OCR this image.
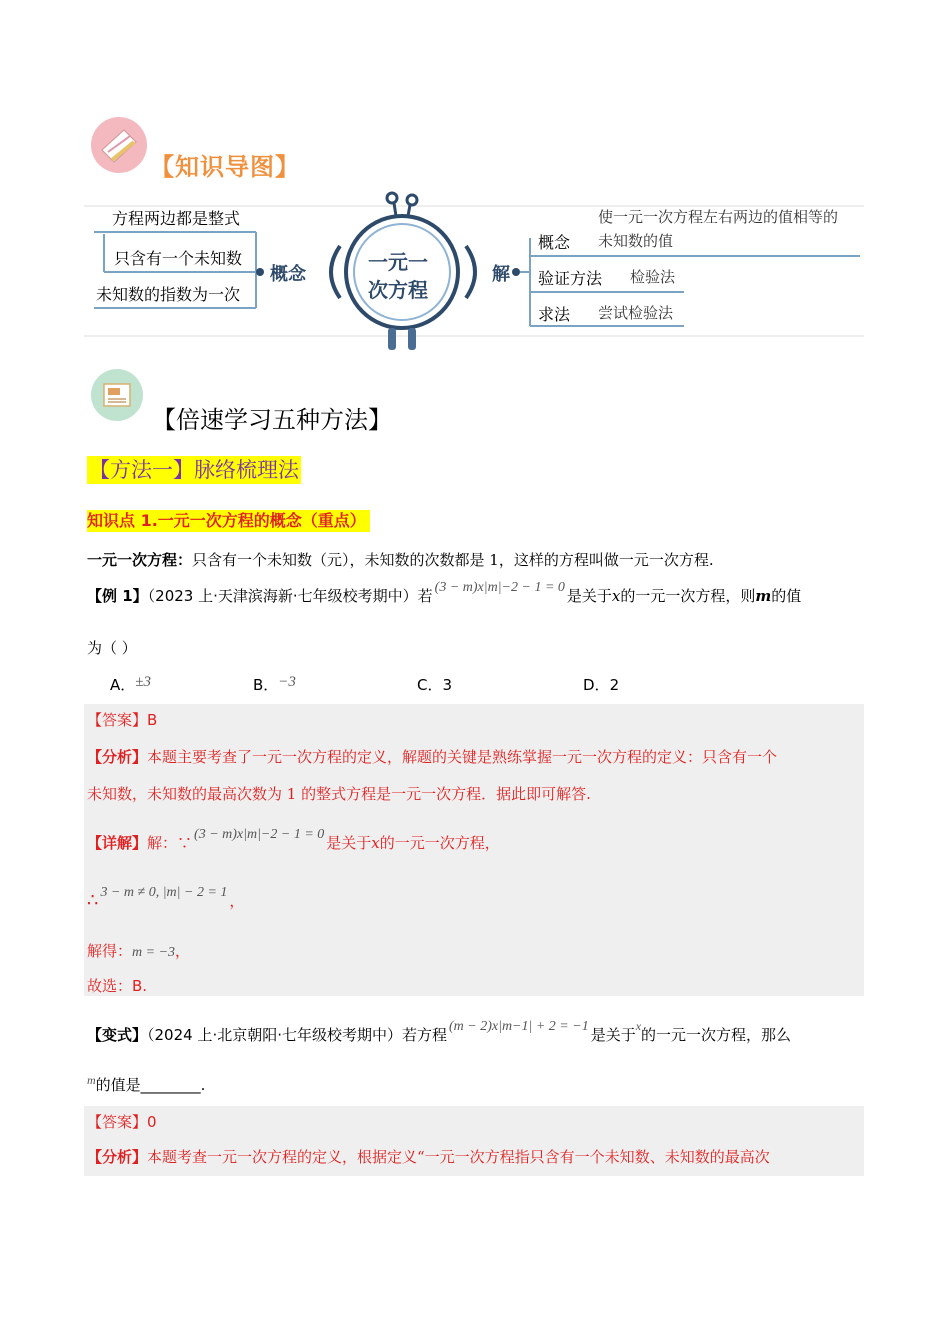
【知识导图】
方程两边都是整式
只含有一个未知数
未知数的指数为一次
概念
一元一
次方程
解
概念
使一元一次方程左右两边的值相等的
未知数的值
验证方法 检验法
求法 尝试检验法
【倍速学习五种方法】
【方法一】脉络梳理法
知识点 1.一元一次方程的概念（重点）
一元一次方程：只含有一个未知数（元），未知数的次数都是 1，这样的方程叫做一元一次方程.
【例 1】（2023 上·天津滨海新·七年级校考期中）若 (3 − m)x|m|−2 − 1 = 0 是关于x的一元一次方程，则m的值
为（ ）
A．±3	B．−3	C．3	D．2
【答案】B
【分析】本题主要考查了一元一次方程的定义，解题的关键是熟练掌握一元一次方程的定义：只含有一个
未知数，未知数的最高次数为 1 的整式方程是一元一次方程．据此即可解答.
【详解】解：∵ (3 − m)x|m|−2 − 1 = 0 是关于x的一元一次方程，
∴ 3 − m ≠ 0, |m| − 2 = 1 ，
解得：m = −3，
故选：B.
【变式】（2024 上·北京朝阳·七年级校考期中）若方程 (m − 2)x|m−1| + 2 = −1 是关于$^x$的一元一次方程，那么
$^m$的值是________.
【答案】0
【分析】本题考查一元一次方程的定义，根据定义“一元一次方程指只含有一个未知数、未知数的最高次
